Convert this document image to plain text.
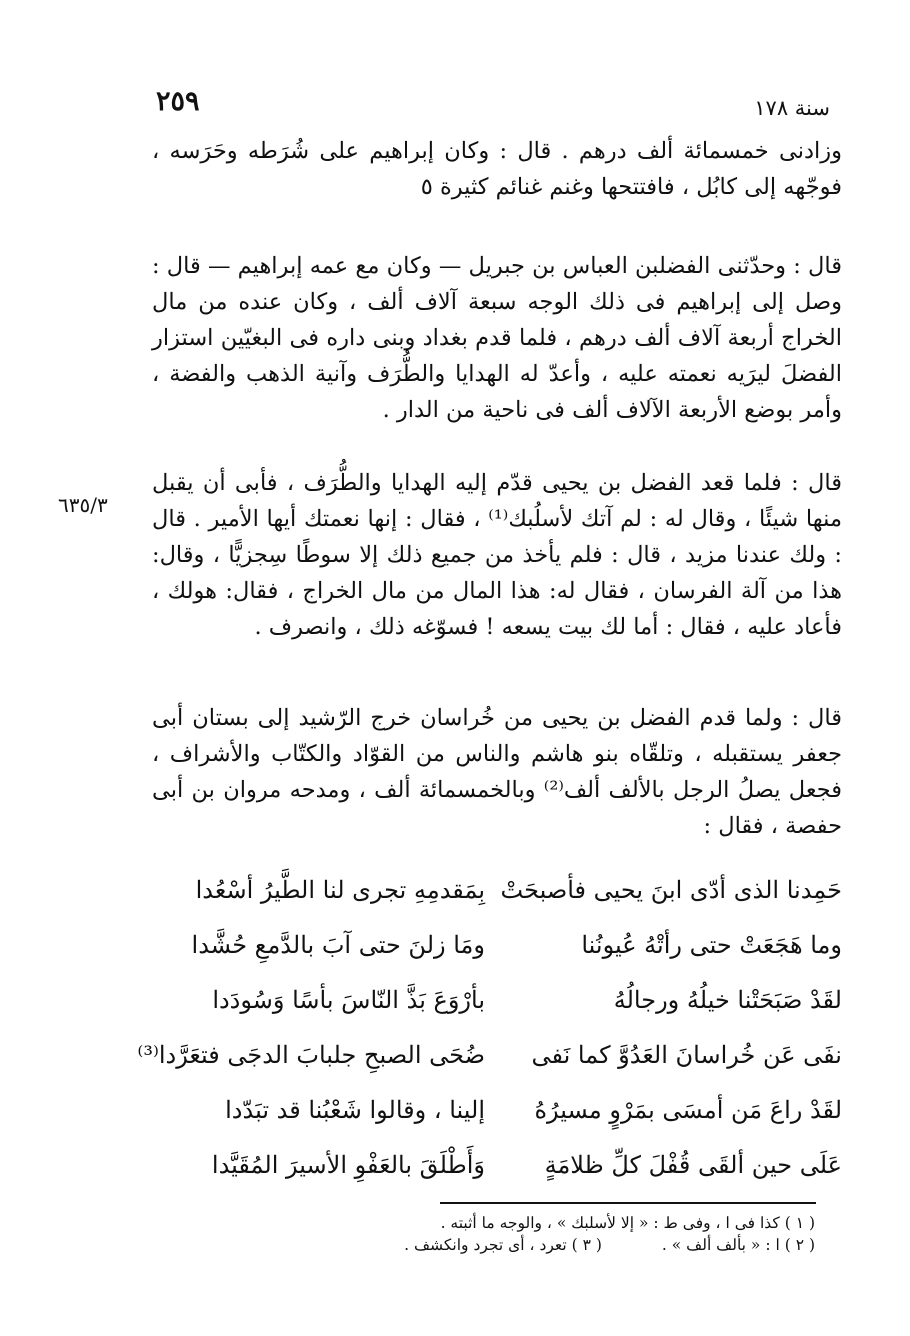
٢٥٩	سنة ١٧٨

وزادنى خمسمائة ألف درهم . قال : وكان إبراهيم على شُرَطه وحَرَسه ، فوجّهه إلى كابُل ، فافتتحها وغنم غنائم كثيرة ٥

قال : وحدّثنى الفضلبن العباس بن جبريل — وكان مع عمه إبراهيم — قال : وصل إلى إبراهيم فى ذلك الوجه سبعة آلاف ألف ، وكان عنده من مال الخراج أربعة آلاف ألف درهم ، فلما قدم بغداد وبنى داره فى البغيّين استزار الفضلَ ليرَيه نعمته عليه ، وأعدّ له الهدايا والطُّرَف وآنية الذهب والفضة ، وأمر بوضع الأربعة الآلاف ألف فى ناحية من الدار .

قال : فلما قعد الفضل بن يحيى قدّم إليه الهدايا والطُّرَف ، فأبى أن يقبل منها شيئًا ، وقال له : لم آتك لأسلُبك⁽¹⁾ ، فقال : إنها نعمتك أيها الأمير . قال : ولك عندنا مزيد ، قال : فلم يأخذ من جميع ذلك إلا سوطًا سِجزيًّا ، وقال: هذا من آلة الفرسان ، فقال له: هذا المال من مال الخراج ، فقال: هولك ، فأعاد عليه ، فقال : أما لك بيت يسعه ! فسوّغه ذلك ، وانصرف .

قال : ولما قدم الفضل بن يحيى من خُراسان خرج الرّشيد إلى بستان أبى جعفر يستقبله ، وتلقّاه بنو هاشم والناس من القوّاد والكتّاب والأشراف ، فجعل يصلُ الرجل بالألف ألف⁽²⁾ وبالخمسمائة ألف ، ومدحه مروان بن أبى حفصة ، فقال :

٦٣٥/٣
حَمِدنا الذى أدّى ابنَ يحيى فأصبحَتْ
بِمَقدمِهِ تجرى لنا الطَّيرُ أسْعُدا
وما هَجَعَتْ حتى رأتْهُ عُيونُنا
ومَا زلنَ حتى آبَ بالدَّمعِ حُشَّدا
لقَدْ صَبَحَتْنا خيلُهُ ورجالُهُ
بأرْوَعَ بَذَّ النّاسَ بأسًا وَسُودَدا
نفَى عَن خُراسانَ العَدُوَّ كما نَفى
ضُحَى الصبحِ جلبابَ الدجَى فتعَرَّدا⁽³⁾
لقَدْ راعَ مَن أمسَى بمَرْوٍ مسيرُهُ
إلينا ، وقالوا شَعْبُنا قد تبَدّدا
عَلَى حين ألقَى قُفْلَ كلِّ ظلامَةٍ
وَأَطْلَقَ بالعَفْوِ الأسيرَ المُقَيَّدا
( ١ ) كذا فى ا ، وفى ط : « إلا لأسلبك » ، والوجه ما أثبته .
( ٢ ) ا : « بألف ألف » .( ٣ ) تعرد ، أى تجرد وانكشف .
